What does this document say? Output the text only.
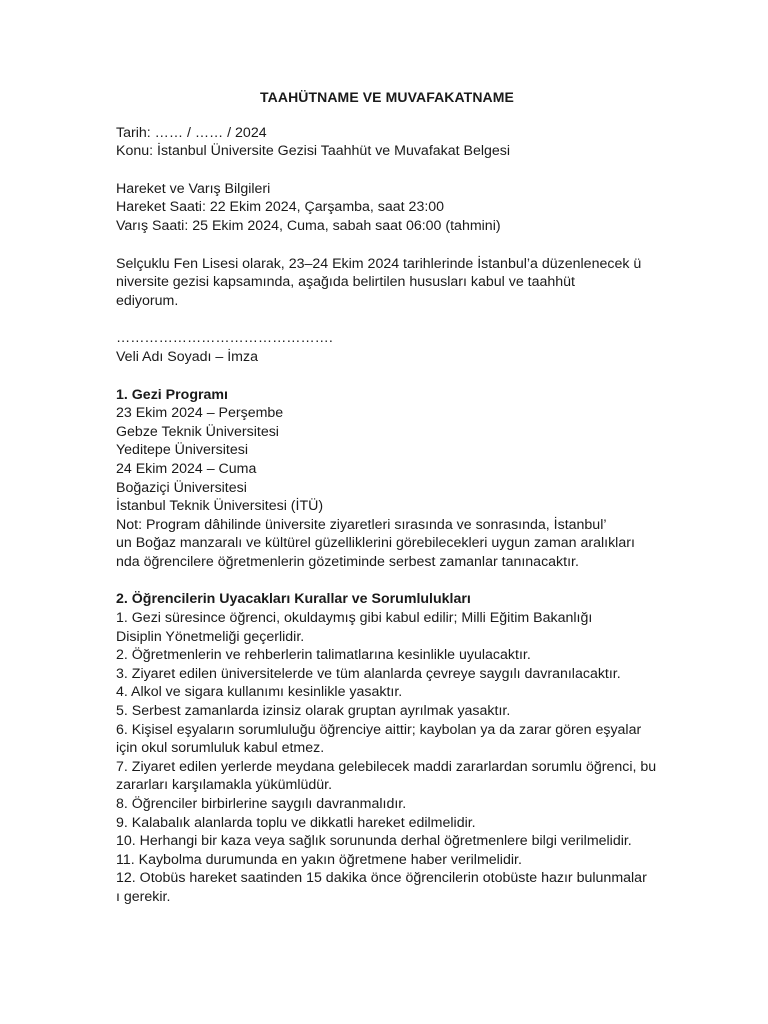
TAAHÜTNAME VE MUVAFAKATNAME
Tarih: …… / …… / 2024
Konu: İstanbul Üniversite Gezisi Taahhüt ve Muvafakat Belgesi
Hareket ve Varış Bilgileri
Hareket Saati: 22 Ekim 2024, Çarşamba, saat 23:00
Varış Saati: 25 Ekim 2024, Cuma, sabah saat 06:00 (tahmini)
Selçuklu Fen Lisesi olarak, 23–24 Ekim 2024 tarihlerinde İstanbul’a düzenlenecek ü
niversite gezisi kapsamında, aşağıda belirtilen hususları kabul ve taahhüt
ediyorum.
……………………………………….
Veli Adı Soyadı – İmza
1. Gezi Programı
23 Ekim 2024 – Perşembe
Gebze Teknik Üniversitesi
Yeditepe Üniversitesi
24 Ekim 2024 – Cuma
Boğaziçi Üniversitesi
İstanbul Teknik Üniversitesi (İTÜ)
Not: Program dâhilinde üniversite ziyaretleri sırasında ve sonrasında, İstanbul’
un Boğaz manzaralı ve kültürel güzelliklerini görebilecekleri uygun zaman aralıkları
nda öğrencilere öğretmenlerin gözetiminde serbest zamanlar tanınacaktır.
2. Öğrencilerin Uyacakları Kurallar ve Sorumlulukları
1. Gezi süresince öğrenci, okuldaymış gibi kabul edilir; Milli Eğitim Bakanlığı
Disiplin Yönetmeliği geçerlidir.
2. Öğretmenlerin ve rehberlerin talimatlarına kesinlikle uyulacaktır.
3. Ziyaret edilen üniversitelerde ve tüm alanlarda çevreye saygılı davranılacaktır.
4. Alkol ve sigara kullanımı kesinlikle yasaktır.
5. Serbest zamanlarda izinsiz olarak gruptan ayrılmak yasaktır.
6. Kişisel eşyaların sorumluluğu öğrenciye aittir; kaybolan ya da zarar gören eşyalar
için okul sorumluluk kabul etmez.
7. Ziyaret edilen yerlerde meydana gelebilecek maddi zararlardan sorumlu öğrenci, bu
zararları karşılamakla yükümlüdür.
8. Öğrenciler birbirlerine saygılı davranmalıdır.
9. Kalabalık alanlarda toplu ve dikkatli hareket edilmelidir.
10. Herhangi bir kaza veya sağlık sorununda derhal öğretmenlere bilgi verilmelidir.
11. Kaybolma durumunda en yakın öğretmene haber verilmelidir.
12. Otobüs hareket saatinden 15 dakika önce öğrencilerin otobüste hazır bulunmalar
ı gerekir.
